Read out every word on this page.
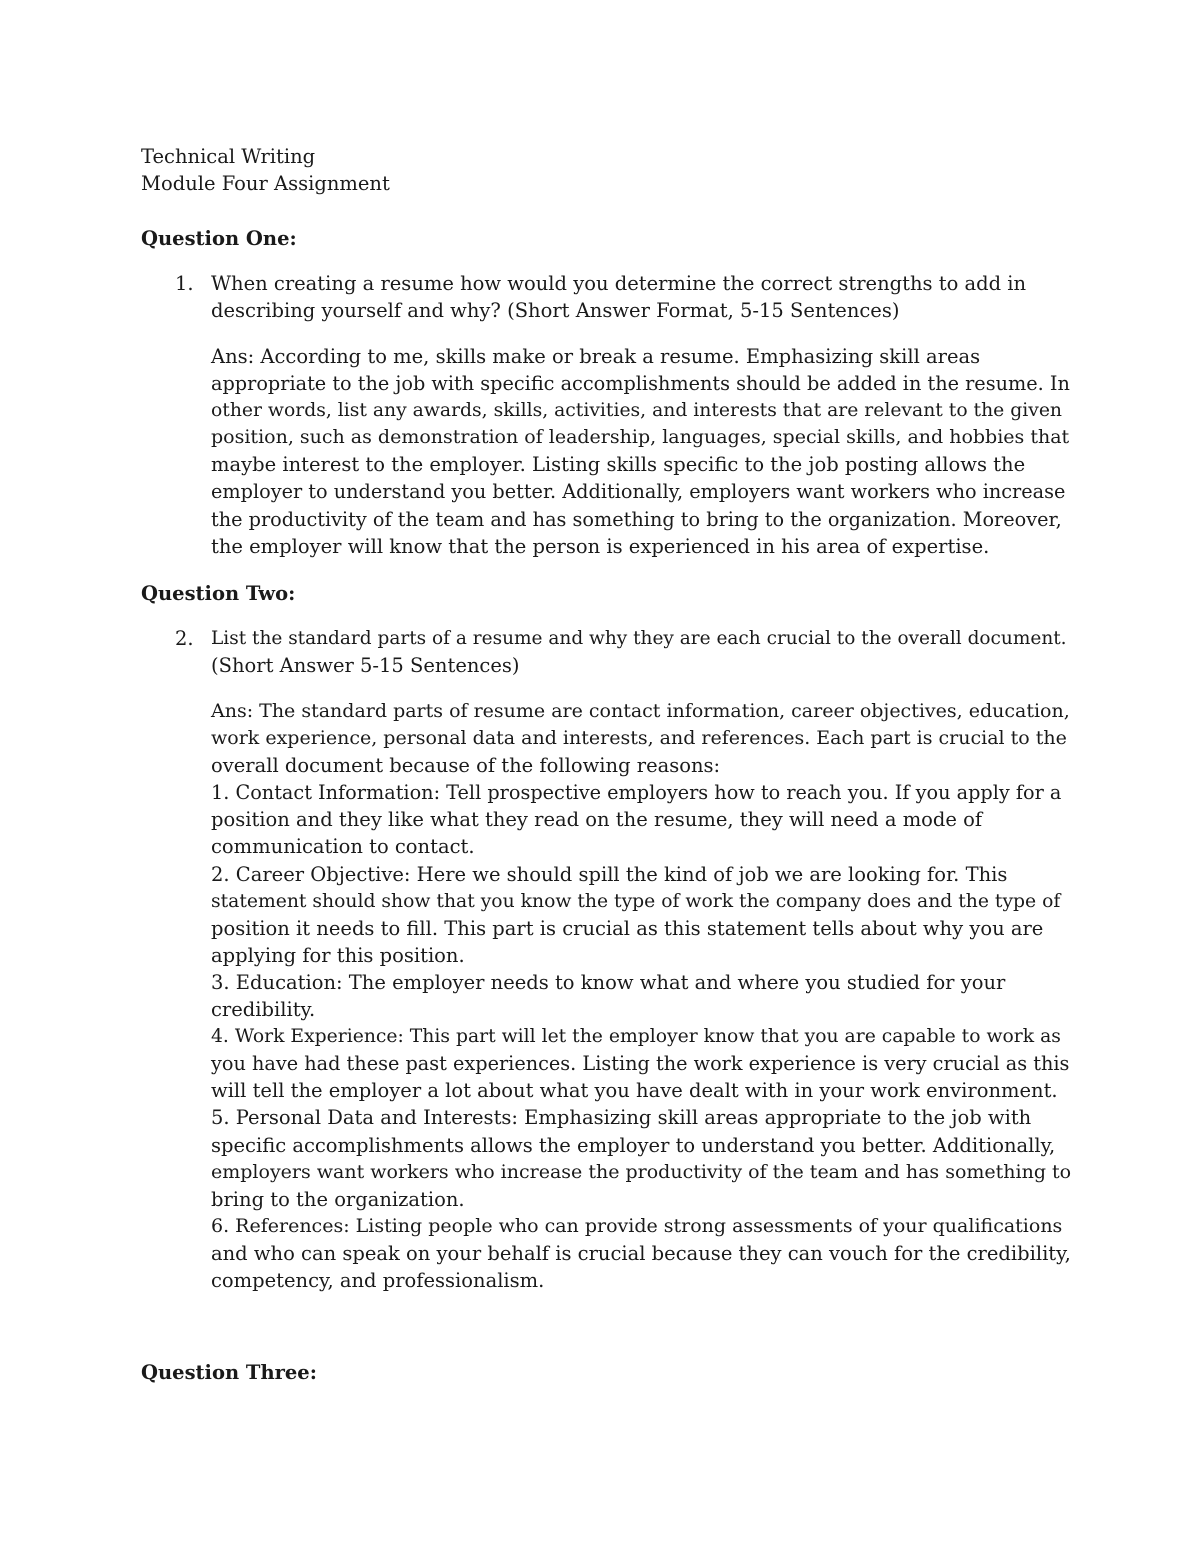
Technical Writing
Module Four Assignment
Question One:
1. When creating a resume how would you determine the correct strengths to add in
describing yourself and why? (Short Answer Format, 5-15 Sentences)
Ans: According to me, skills make or break a resume. Emphasizing skill areas
appropriate to the job with specific accomplishments should be added in the resume. In
other words, list any awards, skills, activities, and interests that are relevant to the given
position, such as demonstration of leadership, languages, special skills, and hobbies that
maybe interest to the employer. Listing skills specific to the job posting allows the
employer to understand you better. Additionally, employers want workers who increase
the productivity of the team and has something to bring to the organization. Moreover,
the employer will know that the person is experienced in his area of expertise.
Question Two:
2. List the standard parts of a resume and why they are each crucial to the overall document.
(Short Answer 5-15 Sentences)
Ans: The standard parts of resume are contact information, career objectives, education,
work experience, personal data and interests, and references. Each part is crucial to the
overall document because of the following reasons:
1. Contact Information: Tell prospective employers how to reach you. If you apply for a
position and they like what they read on the resume, they will need a mode of
communication to contact.
2. Career Objective: Here we should spill the kind of job we are looking for. This
statement should show that you know the type of work the company does and the type of
position it needs to fill. This part is crucial as this statement tells about why you are
applying for this position.
3. Education: The employer needs to know what and where you studied for your
credibility.
4. Work Experience: This part will let the employer know that you are capable to work as
you have had these past experiences. Listing the work experience is very crucial as this
will tell the employer a lot about what you have dealt with in your work environment.
5. Personal Data and Interests: Emphasizing skill areas appropriate to the job with
specific accomplishments allows the employer to understand you better. Additionally,
employers want workers who increase the productivity of the team and has something to
bring to the organization.
6. References: Listing people who can provide strong assessments of your qualifications
and who can speak on your behalf is crucial because they can vouch for the credibility,
competency, and professionalism.
Question Three:
